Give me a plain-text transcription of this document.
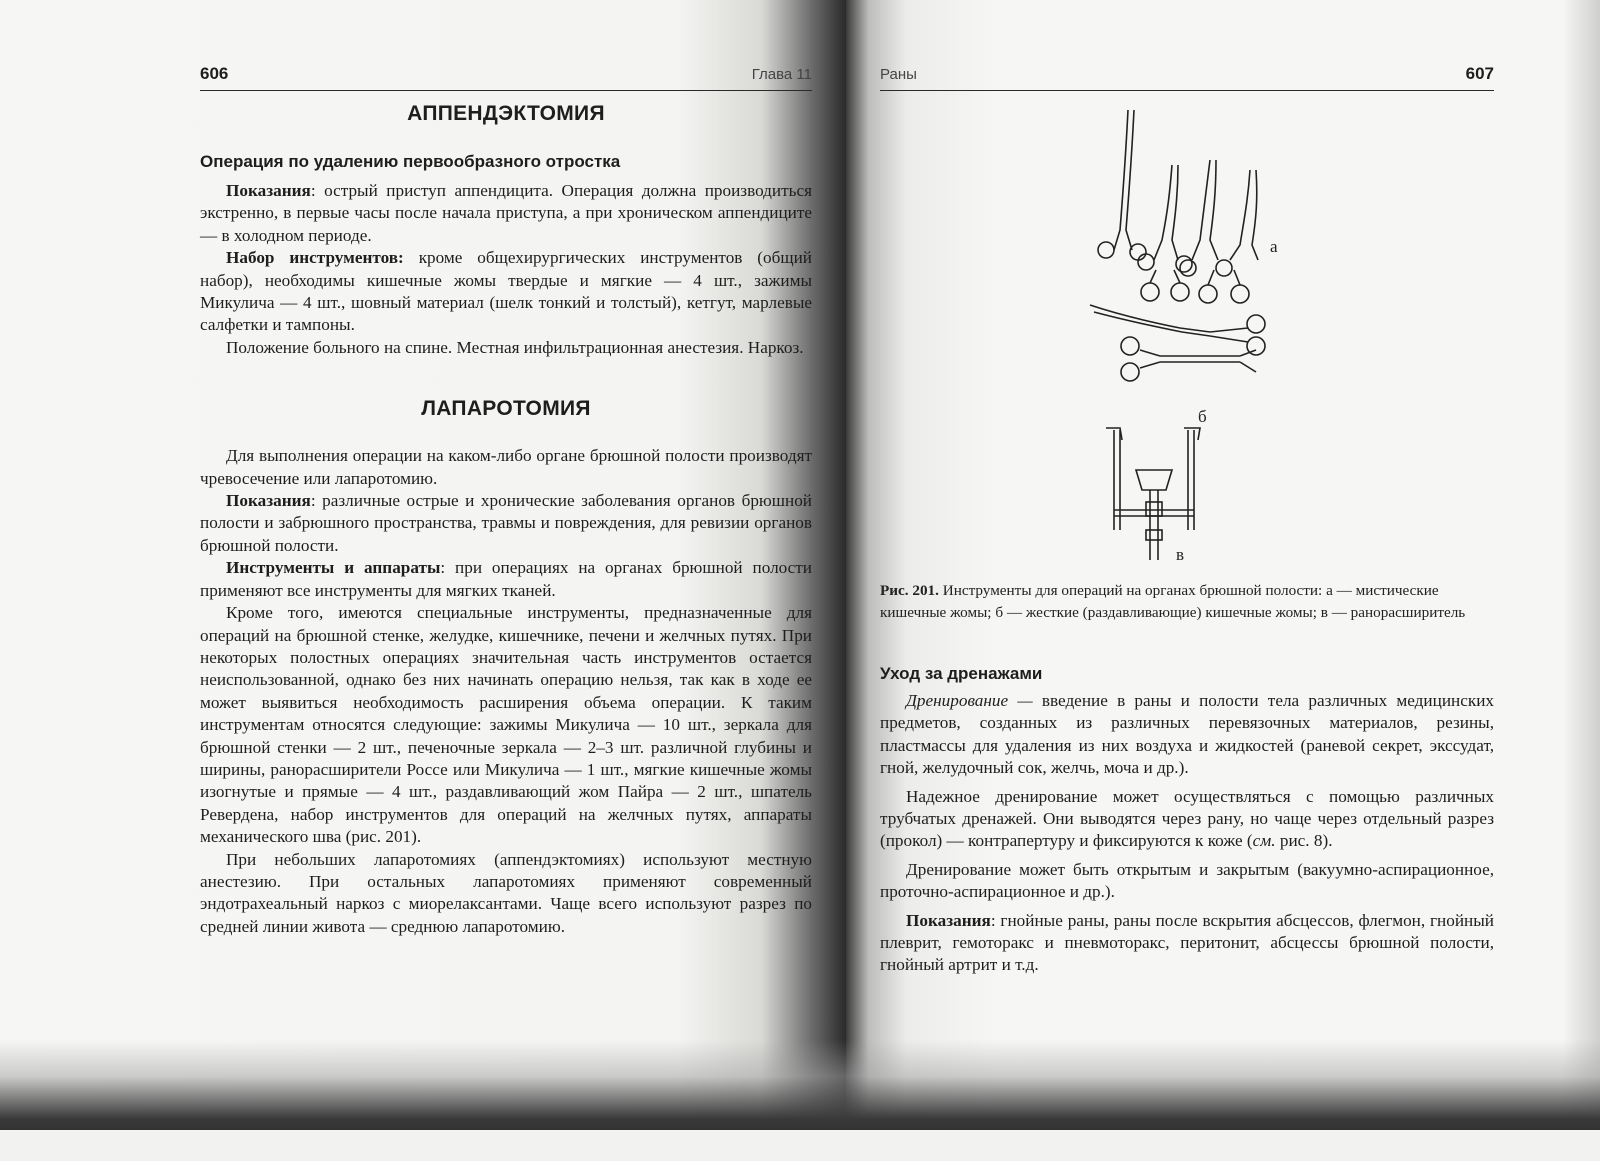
606	Глава 11
АППЕНДЭКТОМИЯ
Операция по удалению первообразного отростка

Показания: острый приступ аппендицита. Операция должна производиться экстренно, в первые часы после начала приступа, а при хроническом аппендиците — в холодном периоде.

Набор инструментов: кроме общехирургических инструментов (общий набор), необходимы кишечные жомы твердые и мягкие — 4 шт., зажимы Микулича — 4 шт., шовный материал (шелк тонкий и толстый), кетгут, марлевые салфетки и тампоны.

Положение больного на спине. Местная инфильтрационная анестезия. Наркоз.

ЛАПАРОТОМИЯ

Для выполнения операции на каком-либо органе брюшной полости производят чревосечение или лапаротомию.

Показания: различные острые и хронические заболевания органов брюшной полости и забрюшного пространства, травмы и повреждения, для ревизии органов брюшной полости.

Инструменты и аппараты: при операциях на органах брюшной полости применяют все инструменты для мягких тканей.

Кроме того, имеются специальные инструменты, предназначенные для операций на брюшной стенке, желудке, кишечнике, печени и желчных путях. При некоторых полостных операциях значительная часть инструментов остается неиспользованной, однако без них начинать операцию нельзя, так как в ходе ее может выявиться необходимость расширения объема операции. К таким инструментам относятся следующие: зажимы Микулича — 10 шт., зеркала для брюшной стенки — 2 шт., печеночные зеркала — 2–3 шт. различной глубины и ширины, ранорасширители Россе или Микулича — 1 шт., мягкие кишечные жомы изогнутые и прямые — 4 шт., раздавливающий жом Пайра — 2 шт., шпатель Ревердена, набор инструментов для операций на желчных путях, аппараты механического шва (рис. 201).

При небольших лапаротомиях (аппендэктомиях) используют местную анестезию. При остальных лапаротомиях применяют современный эндотрахеальный наркоз с миорелаксантами. Чаще всего используют разрез по средней линии живота — среднюю лапаротомию.

Раны	607
а
б
в
Рис. 201. Инструменты для операций на органах брюшной полости: а — мистические кишечные жомы; б — жесткие (раздавливающие) кишечные жомы; в — ранорасширитель
Уход за дренажами

Дренирование — введение в раны и полости тела различных медицинских предметов, созданных из различных перевязочных материалов, резины, пластмассы для удаления из них воздуха и жидкостей (раневой секрет, экссудат, гной, желудочный сок, желчь, моча и др.).

Надежное дренирование может осуществляться с помощью различных трубчатых дренажей. Они выводятся через рану, но чаще через отдельный разрез (прокол) — контрапертуру и фиксируются к коже (см. рис. 8).

Дренирование может быть открытым и закрытым (вакуумно-аспирационное, проточно-аспирационное и др.).

Показания: гнойные раны, раны после вскрытия абсцессов, флегмон, гнойный плеврит, гемоторакс и пневмоторакс, перитонит, абсцессы брюшной полости, гнойный артрит и т.д.
